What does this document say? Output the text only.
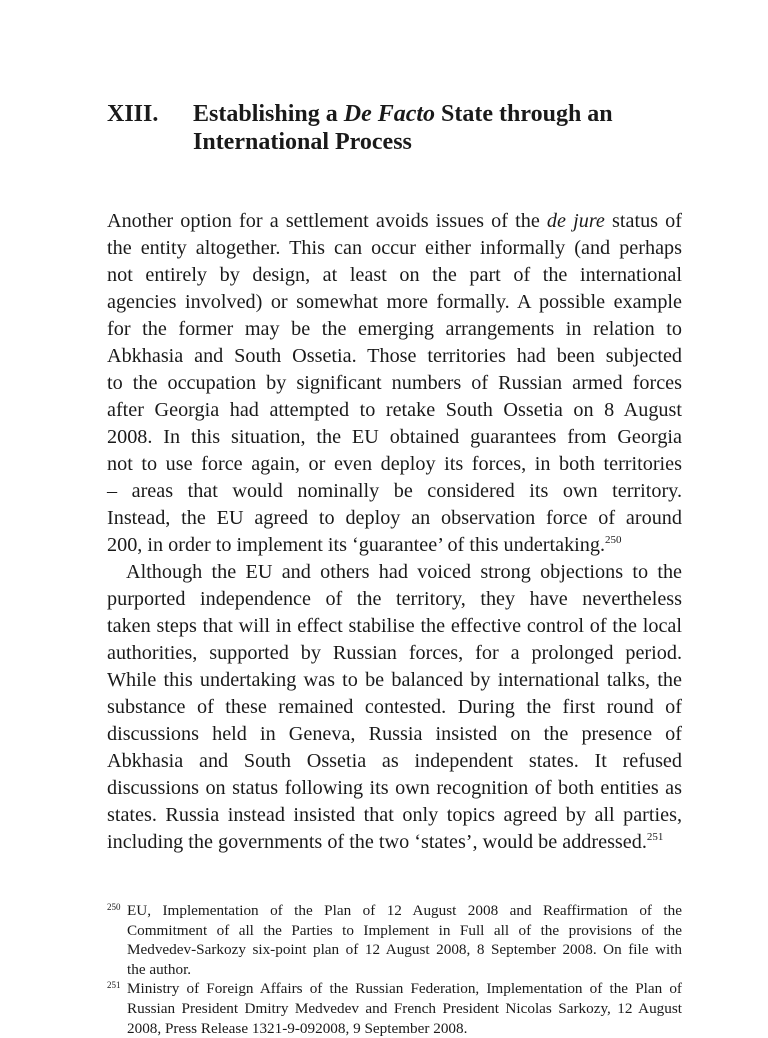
XIII. Establishing a De Facto State through an
International Process
Another option for a settlement avoids issues of the de jure status of
the entity altogether. This can occur either informally (and perhaps
not entirely by design, at least on the part of the international
agencies involved) or somewhat more formally. A possible example
for the former may be the emerging arrangements in relation to
Abkhasia and South Ossetia. Those territories had been subjected
to the occupation by significant numbers of Russian armed forces
after Georgia had attempted to retake South Ossetia on 8 August
2008. In this situation, the EU obtained guarantees from Georgia
not to use force again, or even deploy its forces, in both territories
– areas that would nominally be considered its own territory.
Instead, the EU agreed to deploy an observation force of around
200, in order to implement its ‘guarantee’ of this undertaking.$^{250}$
Although the EU and others had voiced strong objections to the
purported independence of the territory, they have nevertheless
taken steps that will in effect stabilise the effective control of the local
authorities, supported by Russian forces, for a prolonged period.
While this undertaking was to be balanced by international talks, the
substance of these remained contested. During the first round of
discussions held in Geneva, Russia insisted on the presence of
Abkhasia and South Ossetia as independent states. It refused
discussions on status following its own recognition of both entities as
states. Russia instead insisted that only topics agreed by all parties,
including the governments of the two ‘states’, would be addressed.$^{251}$
250 EU, Implementation of the Plan of 12 August 2008 and Reaffirmation of the
Commitment of all the Parties to Implement in Full all of the provisions of the
Medvedev-Sarkozy six-point plan of 12 August 2008, 8 September 2008. On file with
the author.
251 Ministry of Foreign Affairs of the Russian Federation, Implementation of the Plan of
Russian President Dmitry Medvedev and French President Nicolas Sarkozy, 12 August
2008, Press Release 1321-9-092008, 9 September 2008.
